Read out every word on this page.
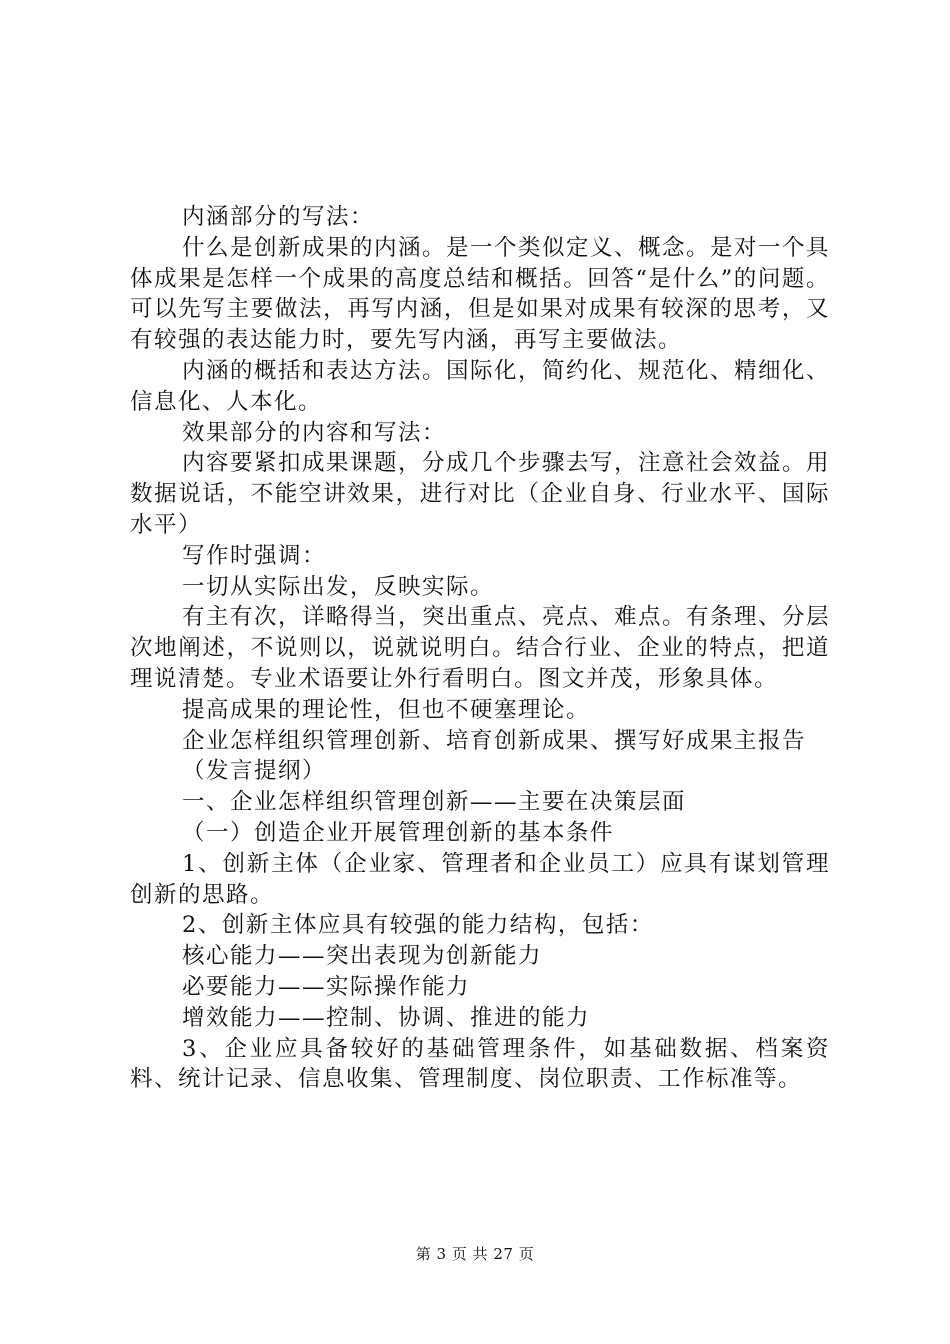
内涵部分的写法：

什么是创新成果的内涵。是一个类似定义、概念。是对一个具体成果是怎样一个成果的高度总结和概括。回答“是什么”的问题。可以先写主要做法，再写内涵，但是如果对成果有较深的思考，又有较强的表达能力时，要先写内涵，再写主要做法。

内涵的概括和表达方法。国际化，简约化、规范化、精细化、信息化、人本化。

效果部分的内容和写法：

内容要紧扣成果课题，分成几个步骤去写，注意社会效益。用数据说话，不能空讲效果，进行对比（企业自身、行业水平、国际水平）

写作时强调：

一切从实际出发，反映实际。

有主有次，详略得当，突出重点、亮点、难点。有条理、分层次地阐述，不说则以，说就说明白。结合行业、企业的特点，把道理说清楚。专业术语要让外行看明白。图文并茂，形象具体。

提高成果的理论性，但也不硬塞理论。

企业怎样组织管理创新、培育创新成果、撰写好成果主报告

（发言提纲）

一、企业怎样组织管理创新——主要在决策层面

（一）创造企业开展管理创新的基本条件

1、创新主体（企业家、管理者和企业员工）应具有谋划管理创新的思路。

2、创新主体应具有较强的能力结构，包括：

核心能力——突出表现为创新能力

必要能力——实际操作能力

增效能力——控制、协调、推进的能力

3、企业应具备较好的基础管理条件，如基础数据、档案资料、统计记录、信息收集、管理制度、岗位职责、工作标准等。

第 3 页 共 27 页
